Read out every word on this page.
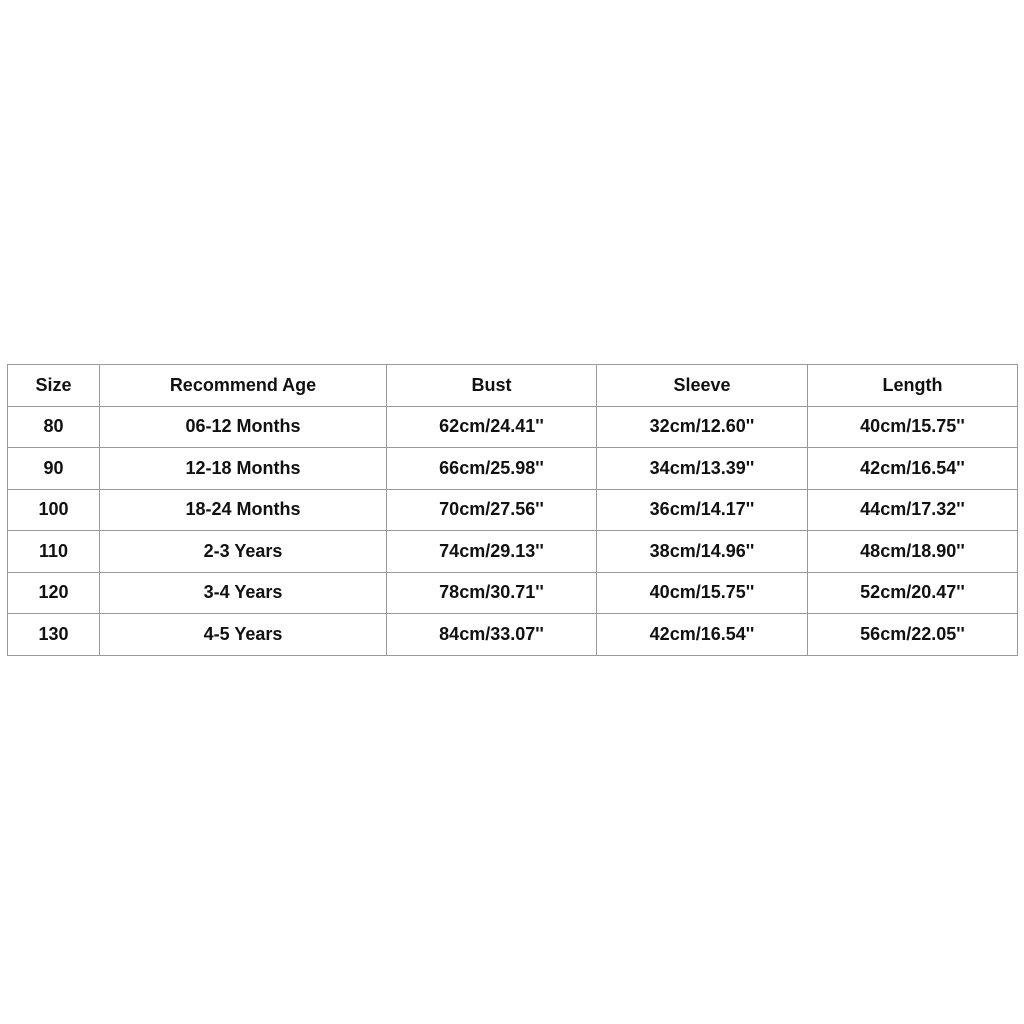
Size	Recommend Age	Bust	Sleeve	Length
80	06-12 Months	62cm/24.41''	32cm/12.60''	40cm/15.75''
90	12-18 Months	66cm/25.98''	34cm/13.39''	42cm/16.54''
100	18-24 Months	70cm/27.56''	36cm/14.17''	44cm/17.32''
110	2-3 Years	74cm/29.13''	38cm/14.96''	48cm/18.90''
120	3-4 Years	78cm/30.71''	40cm/15.75''	52cm/20.47''
130	4-5 Years	84cm/33.07''	42cm/16.54''	56cm/22.05''
